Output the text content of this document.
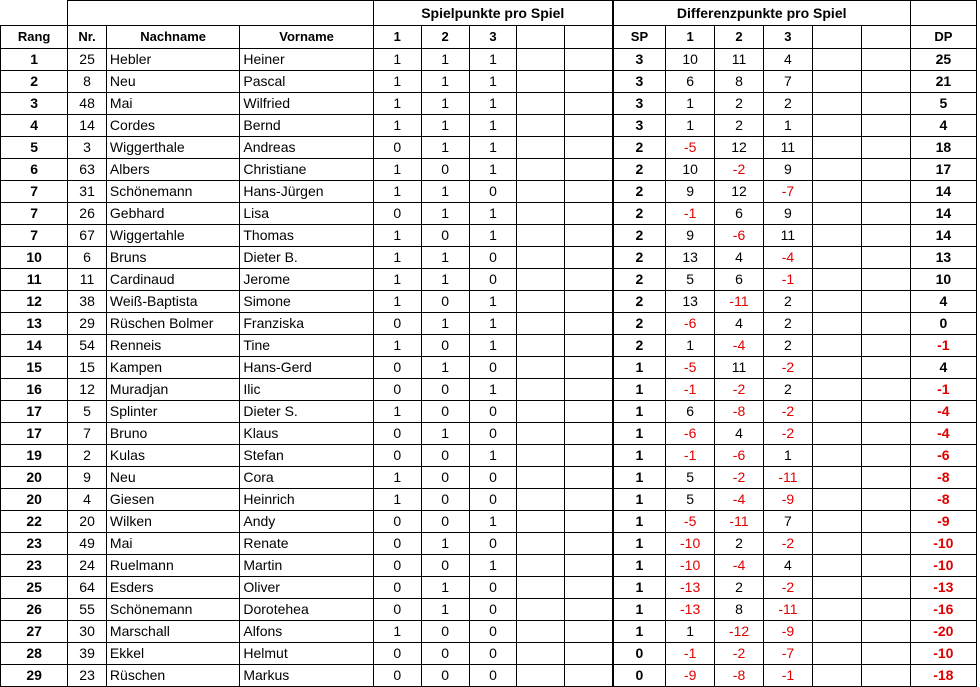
				Spielpunkte pro Spiel					Differenzpunkte pro Spiel						
Rang	Nr.	Nachname	Vorname	1	2	3			SP	1	2	3			DP
1	25	Hebler	Heiner	1	1	1			3	10	11	4			25
2	8	Neu	Pascal	1	1	1			3	6	8	7			21
3	48	Mai	Wilfried	1	1	1			3	1	2	2			5
4	14	Cordes	Bernd	1	1	1			3	1	2	1			4
5	3	Wiggerthale	Andreas	0	1	1			2	-5	12	11			18
6	63	Albers	Christiane	1	0	1			2	10	-2	9			17
7	31	Schönemann	Hans-Jürgen	1	1	0			2	9	12	-7			14
7	26	Gebhard	Lisa	0	1	1			2	-1	6	9			14
7	67	Wiggertahle	Thomas	1	0	1			2	9	-6	11			14
10	6	Bruns	Dieter B.	1	1	0			2	13	4	-4			13
11	11	Cardinaud	Jerome	1	1	0			2	5	6	-1			10
12	38	Weiß-Baptista	Simone	1	0	1			2	13	-11	2			4
13	29	Rüschen Bolmer	Franziska	0	1	1			2	-6	4	2			0
14	54	Renneis	Tine	1	0	1			2	1	-4	2			-1
15	15	Kampen	Hans-Gerd	0	1	0			1	-5	11	-2			4
16	12	Muradjan	Ilic	0	0	1			1	-1	-2	2			-1
17	5	Splinter	Dieter S.	1	0	0			1	6	-8	-2			-4
17	7	Bruno	Klaus	0	1	0			1	-6	4	-2			-4
19	2	Kulas	Stefan	0	0	1			1	-1	-6	1			-6
20	9	Neu	Cora	1	0	0			1	5	-2	-11			-8
20	4	Giesen	Heinrich	1	0	0			1	5	-4	-9			-8
22	20	Wilken	Andy	0	0	1			1	-5	-11	7			-9
23	49	Mai	Renate	0	1	0			1	-10	2	-2			-10
23	24	Ruelmann	Martin	0	0	1			1	-10	-4	4			-10
25	64	Esders	Oliver	0	1	0			1	-13	2	-2			-13
26	55	Schönemann	Dorotehea	0	1	0			1	-13	8	-11			-16
27	30	Marschall	Alfons	1	0	0			1	1	-12	-9			-20
28	39	Ekkel	Helmut	0	0	0			0	-1	-2	-7			-10
29	23	Rüschen	Markus	0	0	0			0	-9	-8	-1			-18
